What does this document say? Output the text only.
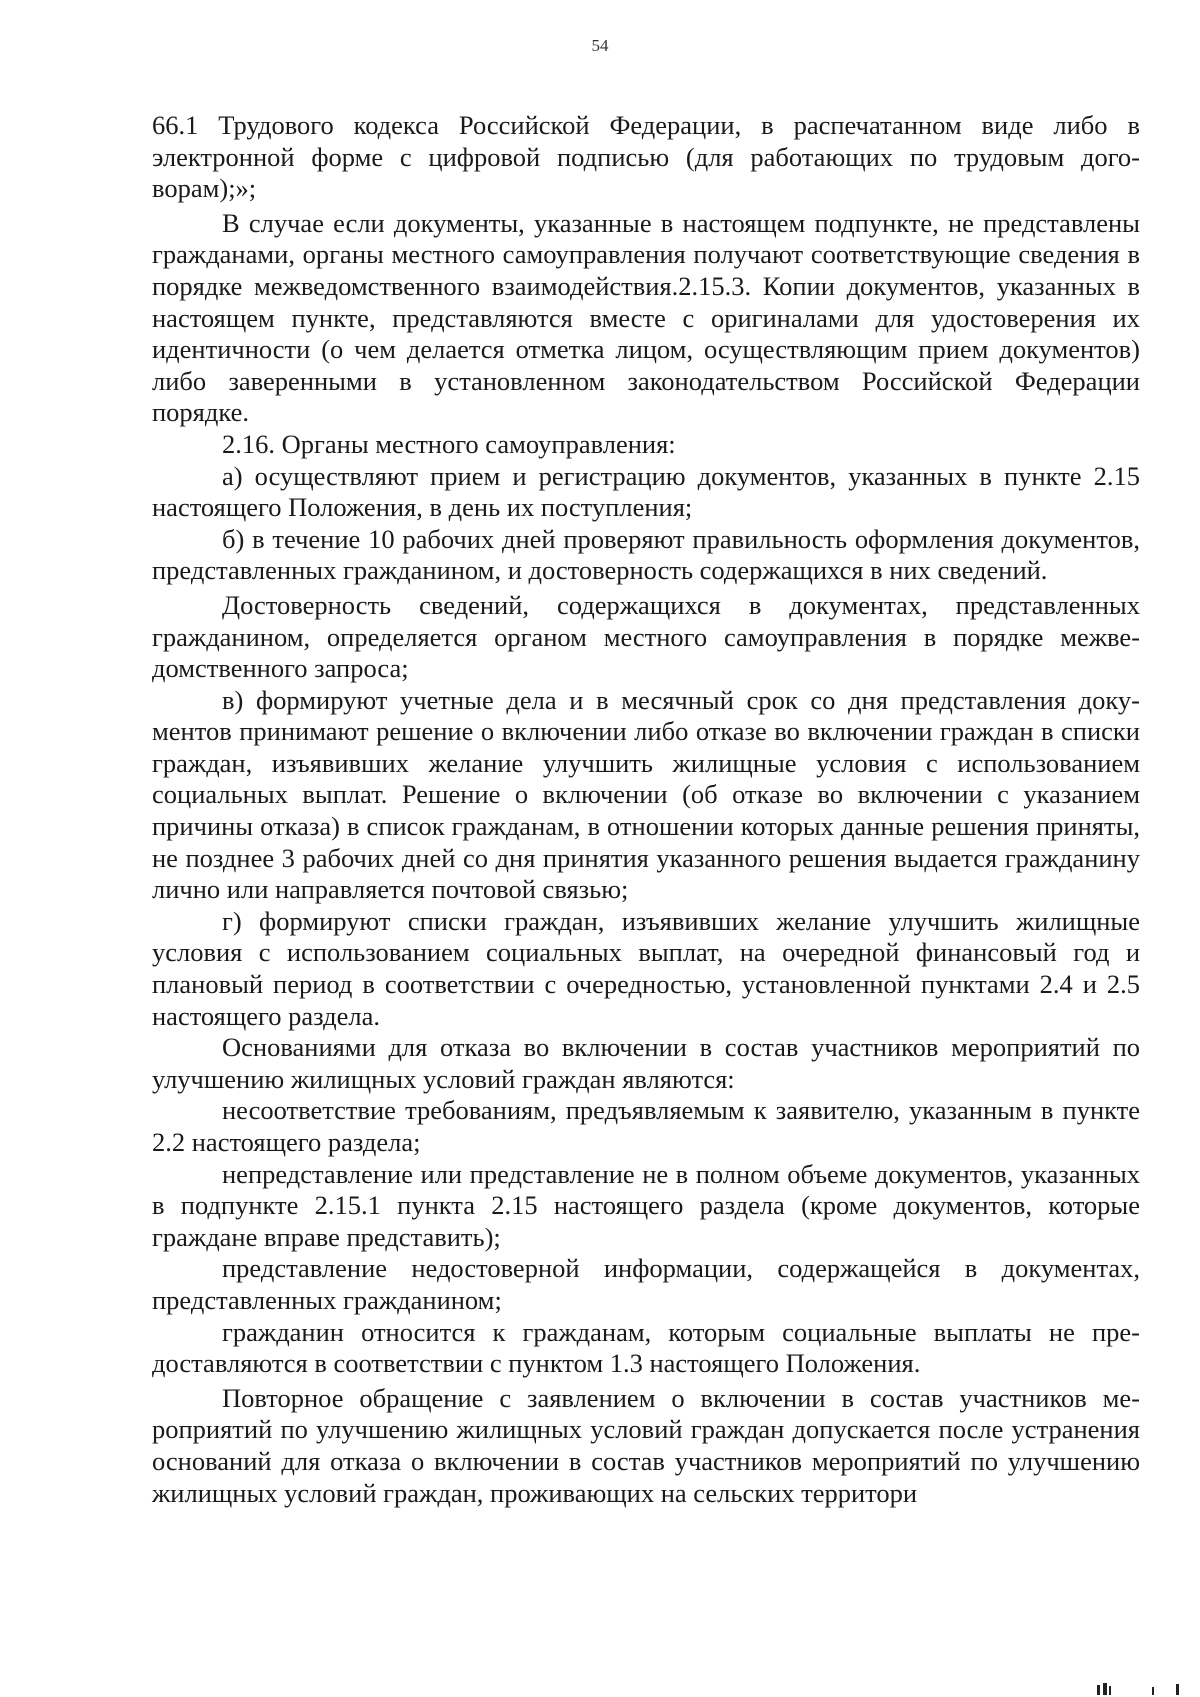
54

66.1 Трудового кодекса Российской Федерации, в распечатанном виде либо в электронной форме с цифровой подписью (для работающих по трудовым договорам);»;

В случае если документы, указанные в настоящем подпункте, не представлены гражданами, органы местного самоуправления получают соответствующие сведения в порядке межведомственного взаимодействия.2.15.3. Копии документов, указанных в настоящем пункте, представляются вместе с оригиналами для удостоверения их идентичности (о чем делается отметка лицом, осуществляющим прием документов) либо заверенными в установленном законодательством Российской Федерации порядке.

2.16. Органы местного самоуправления:

а) осуществляют прием и регистрацию документов, указанных в пункте 2.15 настоящего Положения, в день их поступления;

б) в течение 10 рабочих дней проверяют правильность оформления документов, представленных гражданином, и достоверность содержащихся в них сведений.

Достоверность сведений, содержащихся в документах, представленных гражданином, определяется органом местного самоуправления в порядке межведомственного запроса;

в) формируют учетные дела и в месячный срок со дня представления документов принимают решение о включении либо отказе во включении граждан в списки граждан, изъявивших желание улучшить жилищные условия с использованием социальных выплат. Решение о включении (об отказе во включении с указанием причины отказа) в список гражданам, в отношении которых данные решения приняты, не позднее 3 рабочих дней со дня принятия указанного решения выдается гражданину лично или направляется почтовой связью;

г) формируют списки граждан, изъявивших желание улучшить жилищные условия с использованием социальных выплат, на очередной финансовый год и плановый период в соответствии с очередностью, установленной пунктами 2.4 и 2.5 настоящего раздела.

Основаниями для отказа во включении в состав участников мероприятий по улучшению жилищных условий граждан являются:

несоответствие требованиям, предъявляемым к заявителю, указанным в пункте 2.2 настоящего раздела;

непредставление или представление не в полном объеме документов, указанных в подпункте 2.15.1 пункта 2.15 настоящего раздела (кроме документов, которые граждане вправе представить);

представление недостоверной информации, содержащейся в документах, представленных гражданином;

гражданин относится к гражданам, которым социальные выплаты не предоставляются в соответствии с пунктом 1.3 настоящего Положения.

Повторное обращение с заявлением о включении в состав участников мероприятий по улучшению жилищных условий граждан допускается после устранения оснований для отказа о включении в состав участников мероприятий по улучшению жилищных условий граждан, проживающих на сельских территори
